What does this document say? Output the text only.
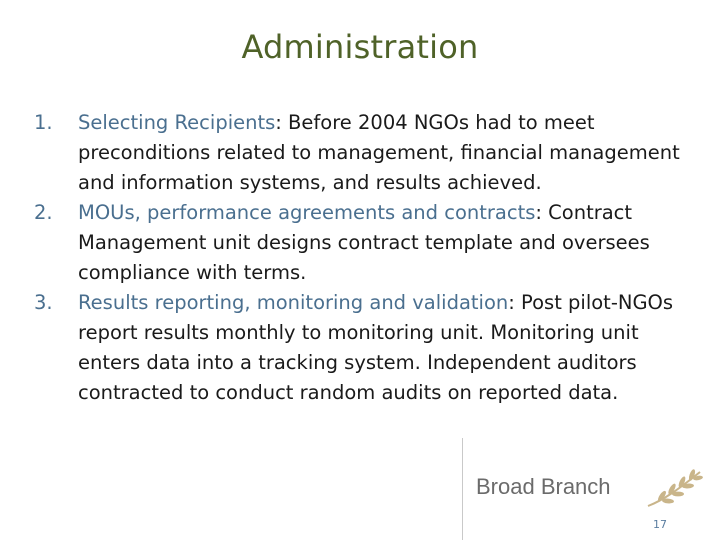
Administration
1. Selecting Recipients: Before 2004 NGOs had to meet preconditions related to management, financial management and information systems, and results achieved.
2. MOUs, performance agreements and contracts: Contract Management unit designs contract template and oversees compliance with terms.
3. Results reporting, monitoring and validation: Post pilot-NGOs report results monthly to monitoring unit. Monitoring unit enters data into a tracking system. Independent auditors contracted to conduct random audits on reported data.
Broad Branch
17
